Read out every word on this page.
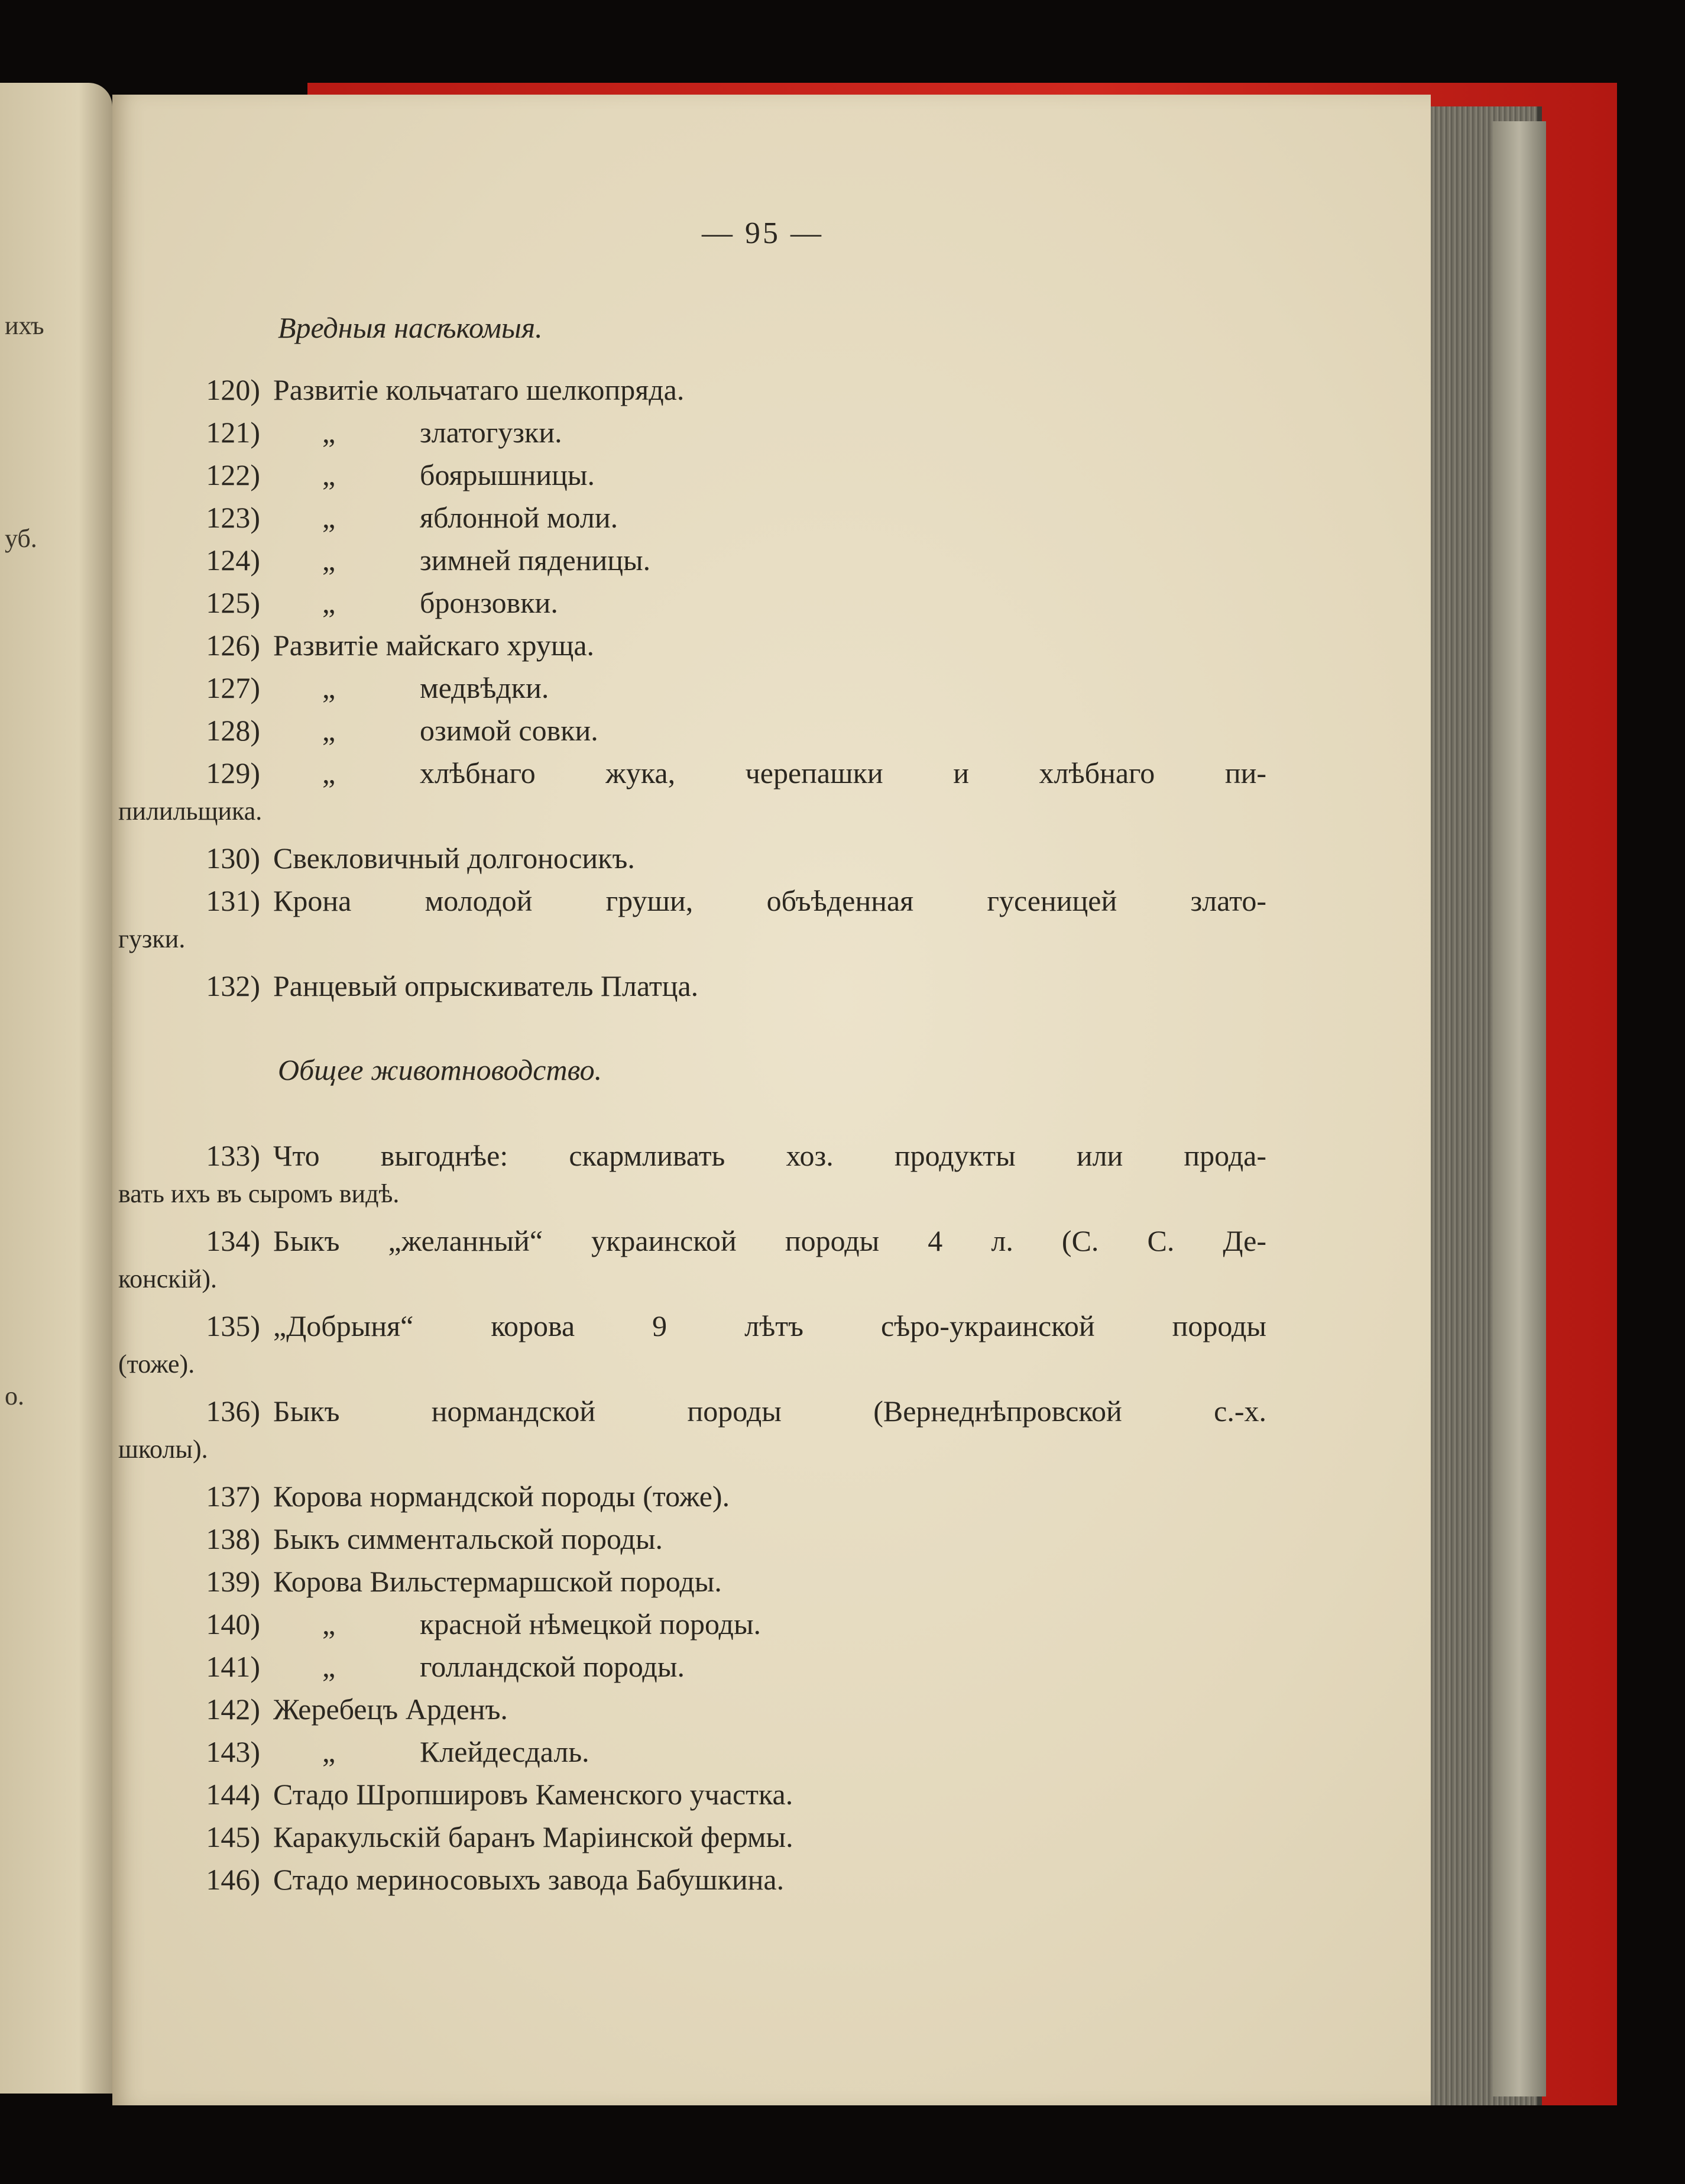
ихъ
уб.
о.
— 95 —
Вредныя насѣкомыя.
120) Развитіе кольчатаго шелкопряда.
121) „	златогузки.
122) „	боярышницы.
123) „	яблонной моли.
124) „	зимней пяденицы.
125) „	бронзовки.
126) Развитіе майскаго хруща.
127) „	медвѣдки.
128) „	озимой совки.
129) „	хлѣбнаго жука, черепашки и хлѣбнаго пи-
пилильщика.
130) Свекловичный долгоносикъ.
131) Крона молодой груши, объѣденная гусеницей злато-
гузки.
132) Ранцевый опрыскиватель Платца.
Общее животноводство.
133) Что выгоднѣе: скармливать хоз. продукты или прода-
вать ихъ въ сыромъ видѣ.
134) Быкъ „желанный“ украинской породы 4 л. (С. С. Де-
конскій).
135) „Добрыня“ корова 9 лѣтъ сѣро-украинской породы
(тоже).
136) Быкъ нормандской породы (Вернеднѣпровской с.-х.
школы).
137) Корова нормандской породы (тоже).
138) Быкъ симментальской породы.
139) Корова Вильстермаршской породы.
140) „	красной нѣмецкой породы.
141) „	голландской породы.
142) Жеребецъ Арденъ.
143) „	Клейдесдаль.
144) Стадо Шропшировъ Каменского участка.
145) Каракульскій баранъ Маріинской фермы.
146) Стадо мериносовыхъ завода Бабушкина.
